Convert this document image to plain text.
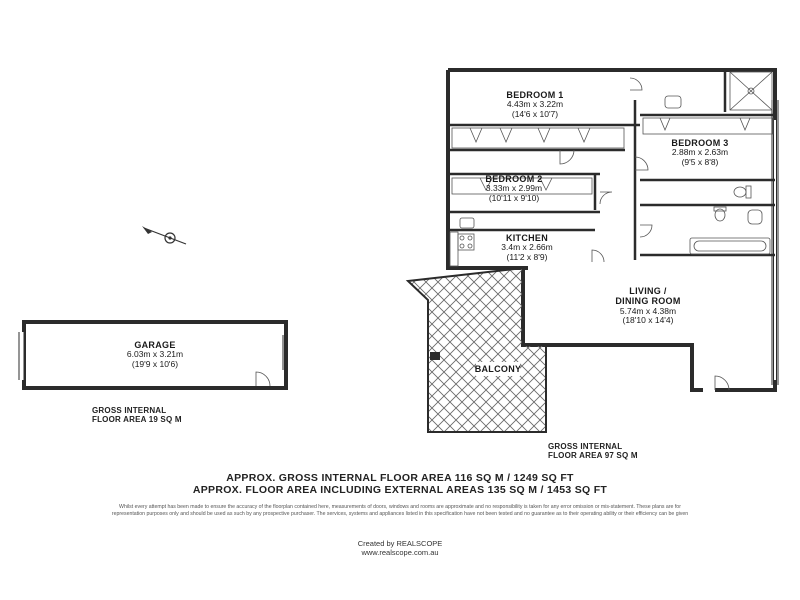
BEDROOM 1
4.43m x 3.22m
(14'6 x 10'7)
BEDROOM 3
2.88m x 2.63m
(9'5 x 8'8)
BEDROOM 2
3.33m x 2.99m
(10'11 x 9'10)
KITCHEN
3.4m x 2.66m
(11'2 x 8'9)
LIVING /
DINING ROOM
5.74m x 4.38m
(18'10 x 14'4)
BALCONY
GARAGE
6.03m x 3.21m
(19'9 x 10'6)
GROSS INTERNAL
FLOOR AREA 19 SQ M
GROSS INTERNAL
FLOOR AREA 97 SQ M
APPROX. GROSS INTERNAL FLOOR AREA 116 SQ M / 1249 SQ FT
APPROX. FLOOR AREA INCLUDING EXTERNAL AREAS 135 SQ M / 1453 SQ FT
Whilst every attempt has been made to ensure the accuracy of the floorplan contained here, measurements of doors, windows and rooms are approximate and no responsibility is taken for any error omission or mis-statement. These plans are for representation purposes only and should be used as such by any prospective purchaser. The services, systems and appliances listed in this specification have not been tested and no guarantee as to their operating ability or their efficiency can be given
Created by REALSCOPE
www.realscope.com.au
